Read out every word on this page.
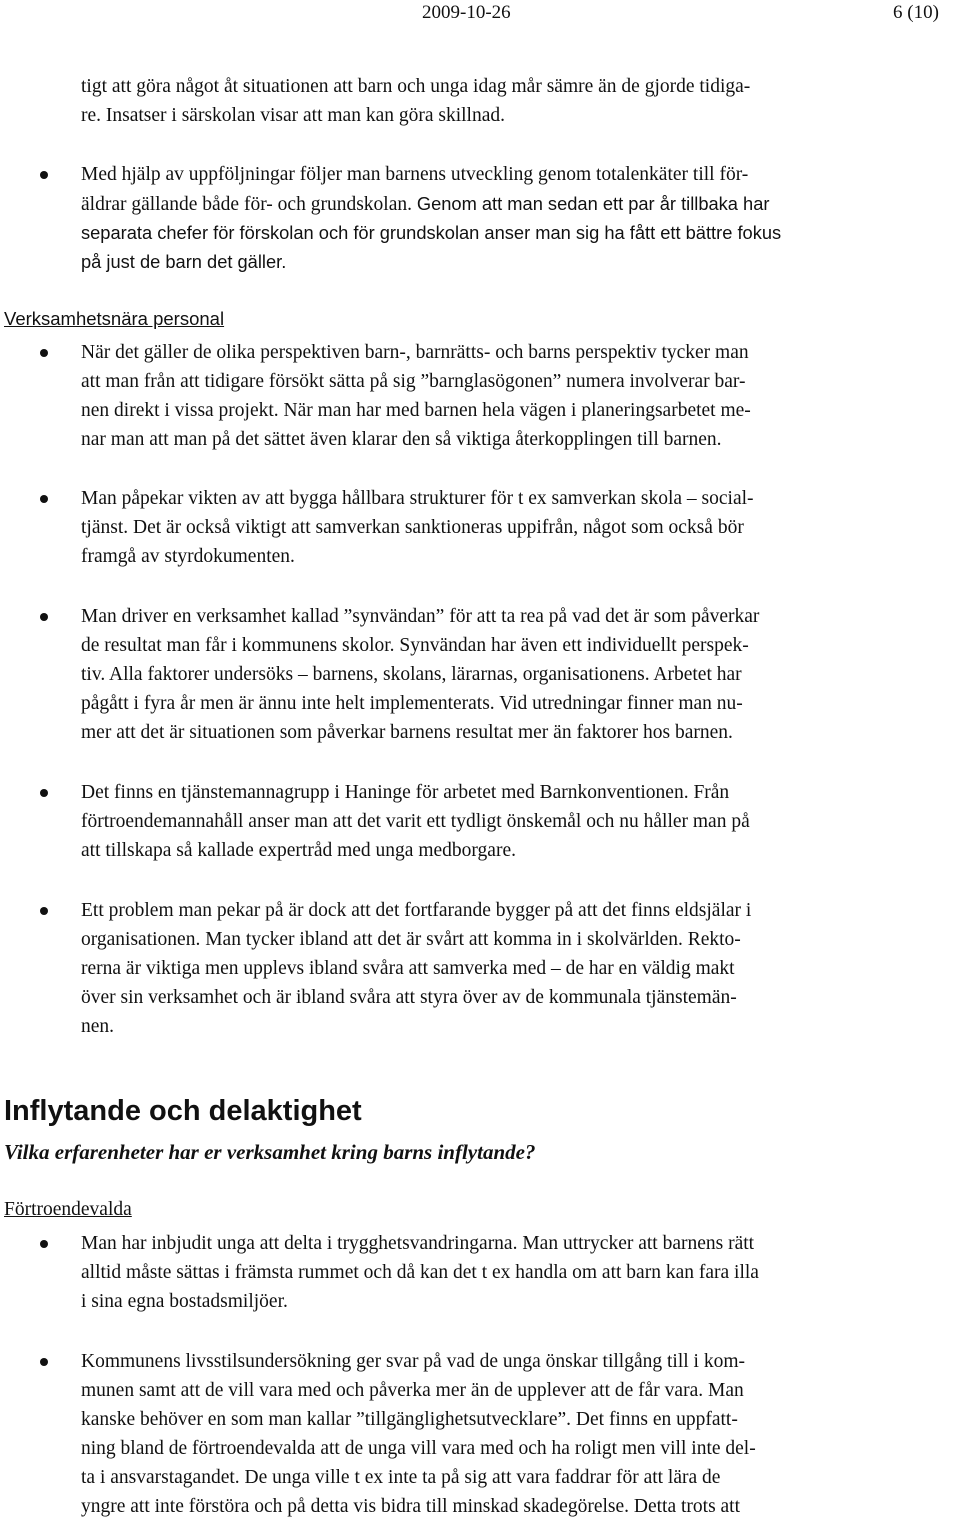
2009-10-26	6 (10)
tigt att göra något åt situationen att barn och unga idag mår sämre än de gjorde tidiga-
re. Insatser i särskolan visar att man kan göra skillnad.
Med hjälp av uppföljningar följer man barnens utveckling genom totalenkäter till för-
äldrar gällande både för- och grundskolan. Genom att man sedan ett par år tillbaka har
separata chefer för förskolan och för grundskolan anser man sig ha fått ett bättre fokus
på just de barn det gäller.
Verksamhetsnära personal
När det gäller de olika perspektiven barn-, barnrätts- och barns perspektiv tycker man
att man från att tidigare försökt sätta på sig ”barnglasögonen” numera involverar bar-
nen direkt i vissa projekt. När man har med barnen hela vägen i planeringsarbetet me-
nar man att man på det sättet även klarar den så viktiga återkopplingen till barnen.
Man påpekar vikten av att bygga hållbara strukturer för t ex samverkan skola – social-
tjänst. Det är också viktigt att samverkan sanktioneras uppifrån, något som också bör
framgå av styrdokumenten.
Man driver en verksamhet kallad ”synvändan” för att ta rea på vad det är som påverkar
de resultat man får i kommunens skolor. Synvändan har även ett individuellt perspek-
tiv. Alla faktorer undersöks – barnens, skolans, lärarnas, organisationens. Arbetet har
pågått i fyra år men är ännu inte helt implementerats. Vid utredningar finner man nu-
mer att det är situationen som påverkar barnens resultat mer än faktorer hos barnen.
Det finns en tjänstemannagrupp i Haninge för arbetet med Barnkonventionen. Från
förtroendemannahåll anser man att det varit ett tydligt önskemål och nu håller man på
att tillskapa så kallade expertråd med unga medborgare.
Ett problem man pekar på är dock att det fortfarande bygger på att det finns eldsjälar i
organisationen. Man tycker ibland att det är svårt att komma in i skolvärlden. Rekto-
rerna är viktiga men upplevs ibland svåra att samverka med – de har en väldig makt
över sin verksamhet och är ibland svåra att styra över av de kommunala tjänstemän-
nen.
Inflytande och delaktighet
Vilka erfarenheter har er verksamhet kring barns inflytande?
Förtroendevalda
Man har inbjudit unga att delta i trygghetsvandringarna. Man uttrycker att barnens rätt
alltid måste sättas i främsta rummet och då kan det t ex handla om att barn kan fara illa
i sina egna bostadsmiljöer.
Kommunens livsstilsundersökning ger svar på vad de unga önskar tillgång till i kom-
munen samt att de vill vara med och påverka mer än de upplever att de får vara. Man
kanske behöver en som man kallar ”tillgänglighetsutvecklare”. Det finns en uppfatt-
ning bland de förtroendevalda att de unga vill vara med och ha roligt men vill inte del-
ta i ansvarstagandet. De unga ville t ex inte ta på sig att vara faddrar för att lära de
yngre att inte förstöra och på detta vis bidra till minskad skadegörelse. Detta trots att
